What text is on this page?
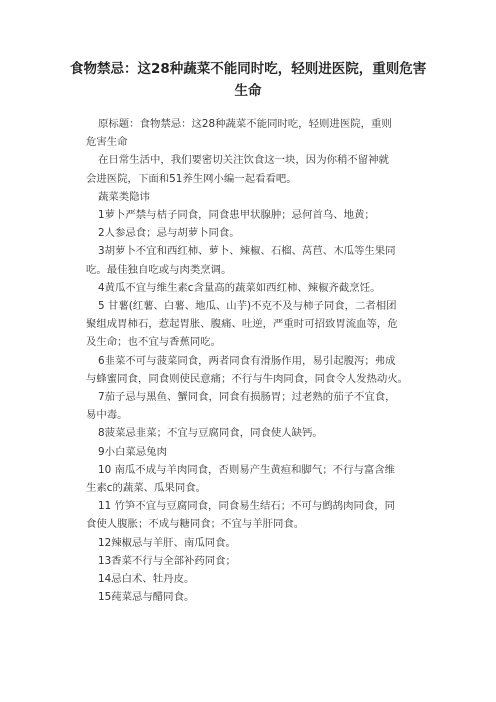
食物禁忌：这28种蔬菜不能同时吃，轻则进医院，重则危害
生命

原标题：食物禁忌：这28种蔬菜不能同时吃，轻则进医院，重则
危害生命

在日常生活中，我们要密切关注饮食这一块，因为你稍不留神就
会进医院，下面和51养生网小编一起看看吧。

蔬菜类隐讳

1萝卜严禁与桔子同食，同食患甲状腺肿；忌何首乌、地黄；

2人参忌食；忌与胡萝卜同食。

3胡萝卜不宜和西红柿、萝卜、辣椒、石榴、莴苣、木瓜等生果同
吃。最佳独自吃或与肉类烹调。

4黄瓜不宜与维生素c含量高的蔬菜如西红柿、辣椒齐截烹饪。

5 甘薯(红薯、白薯、地瓜、山芋)不克不及与柿子同食，二者相团
聚组成胃柿石，惹起胃胀、腹痛、吐逆，严重时可招致胃流血等，危
及生命；也不宜与香蕉同吃。

6韭菜不可与菠菜同食，两者同食有滑肠作用，易引起腹泻；弗成
与蜂蜜同食，同食则使民意痛；不行与牛肉同食，同食令人发热动火。

7茄子忌与黑鱼、蟹同食，同食有损肠胃；过老熟的茄子不宜食，
易中毒。

8菠菜忌韭菜；不宜与豆腐同食，同食使人缺钙。

9小白菜忌兔肉

10 南瓜不成与羊肉同食，否则易产生黄疸和脚气；不行与富含维
生素c的蔬菜、瓜果同食。

11 竹笋不宜与豆腐同食，同食易生结石；不可与鹧鸪肉同食，同
食使人腹胀；不成与糖同食；不宜与羊肝同食。

12辣椒忌与羊肝、南瓜同食。

13香菜不行与全部补药同食；

14忌白术、牡丹皮。

15莼菜忌与醋同食。
